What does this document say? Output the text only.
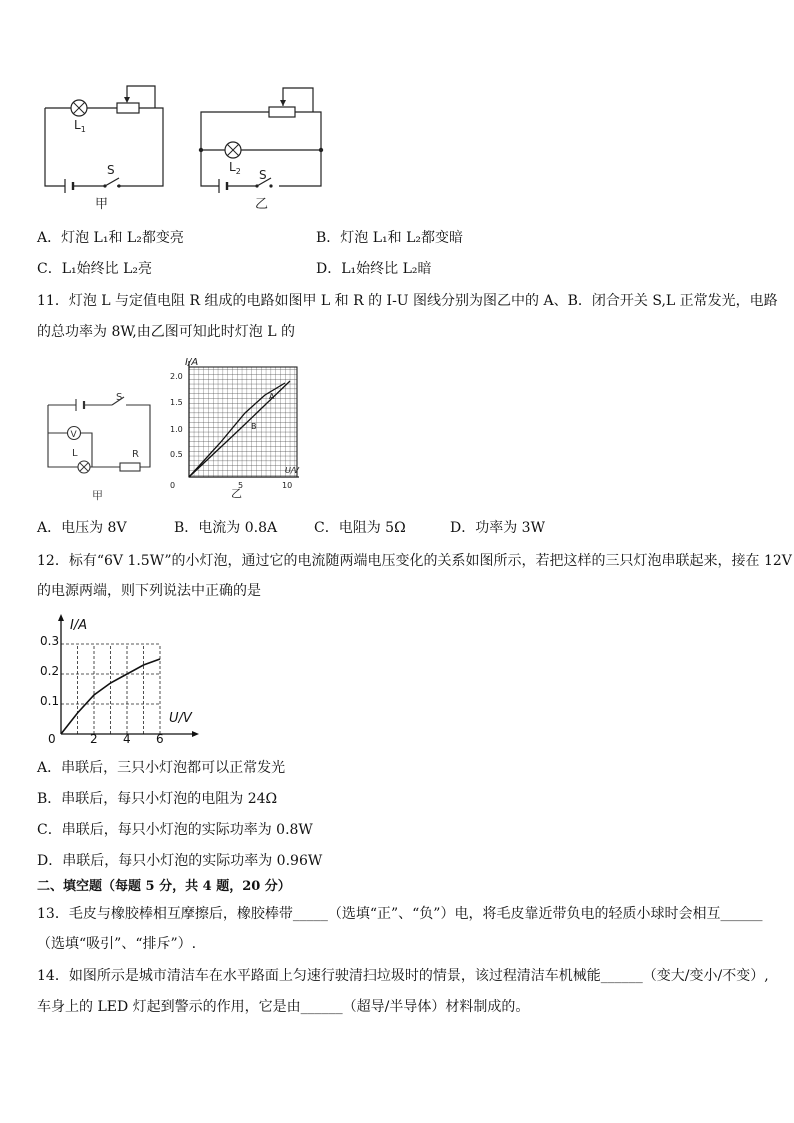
$L_1$
S
甲
$L_2$ S
乙
A．灯泡 L₁和 L₂都变亮	B．灯泡 L₁和 L₂都变暗
C．L₁始终比 L₂亮	D．L₁始终比 L₂暗
11．灯泡 L 与定值电阻 R 组成的电路如图甲 L 和 R 的 I-U 图线分别为图乙中的 A、B．闭合开关 S,L 正常发光，电路
的总功率为 8W,由乙图可知此时灯泡 L 的
V
S
L	R
甲
I/A
2.0
1.5
1.0
0.5
0	5	10
U/V
A
B
乙
A．电压为 8V	B．电流为 0.8A	C．电阻为 5Ω	D．功率为 3W
12．标有“6V 1.5W”的小灯泡，通过它的电流随两端电压变化的关系如图所示，若把这样的三只灯泡串联起来，接在 12V
的电源两端，则下列说法中正确的是
I/A
U/V
0.3
0.2
0.1
0	2 4 6
A．串联后，三只小灯泡都可以正常发光
B．串联后，每只小灯泡的电阻为 24Ω
C．串联后，每只小灯泡的实际功率为 0.8W
D．串联后，每只小灯泡的实际功率为 0.96W
二、填空题（每题 5 分，共 4 题，20 分）
13．毛皮与橡胶棒相互摩擦后，橡胶棒带_____（选填“正”、“负”）电，将毛皮靠近带负电的轻质小球时会相互______
（选填“吸引”、“排斥”）.
14．如图所示是城市清洁车在水平路面上匀速行驶清扫垃圾时的情景，该过程清洁车机械能______（变大/变小/不变）,
车身上的 LED 灯起到警示的作用，它是由______（超导/半导体）材料制成的。
